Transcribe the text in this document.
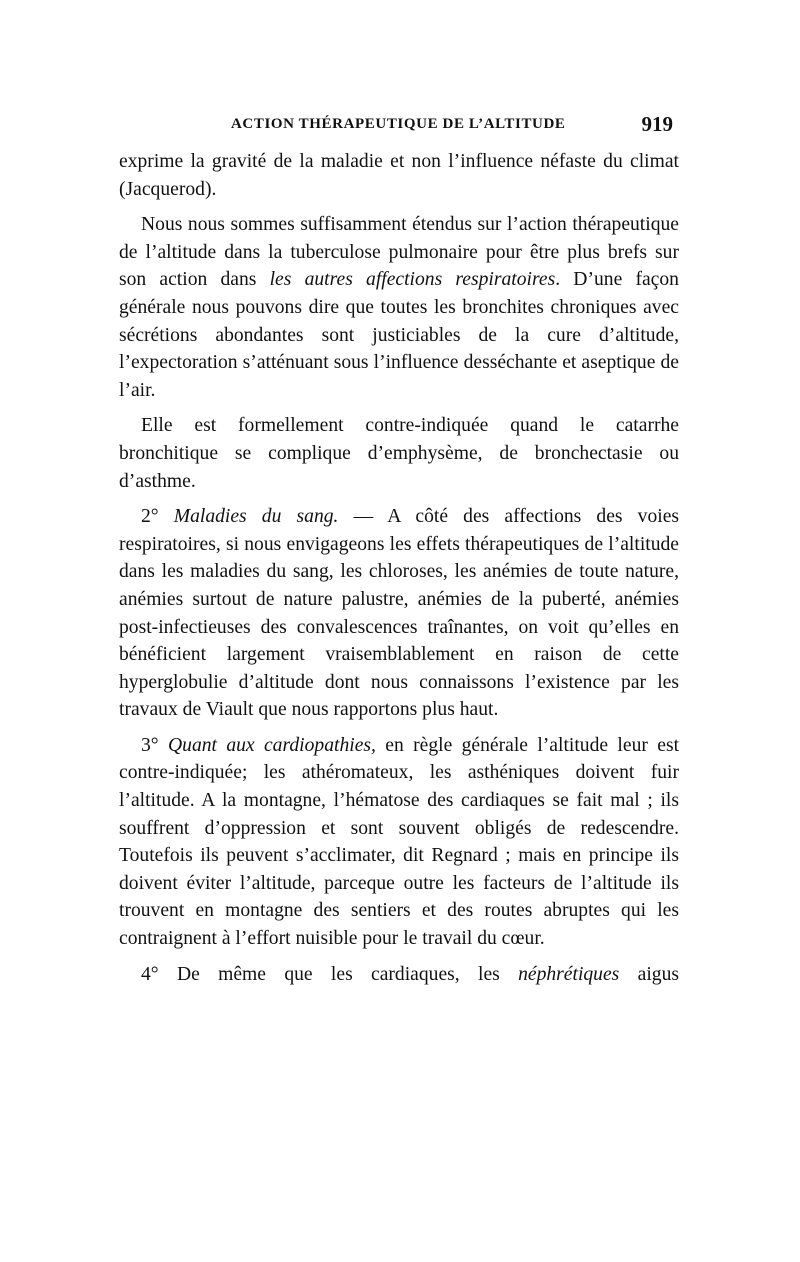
ACTION THÉRAPEUTIQUE DE L’ALTITUDE	919

exprime la gravité de la maladie et non l’influence néfaste du climat (Jacquerod).

Nous nous sommes suffisamment étendus sur l’action thérapeutique de l’altitude dans la tuberculose pulmonaire pour être plus brefs sur son action dans les autres affections respiratoires. D’une façon générale nous pouvons dire que toutes les bronchites chroniques avec sécrétions abondantes sont justiciables de la cure d’altitude, l’expectoration s’atténuant sous l’influence desséchante et aseptique de l’air.

Elle est formellement contre-indiquée quand le catarrhe bronchitique se complique d’emphysème, de bronchectasie ou d’asthme.

2° Maladies du sang. — A côté des affections des voies respiratoires, si nous envigageons les effets thérapeutiques de l’altitude dans les maladies du sang, les chloroses, les anémies de toute nature, anémies surtout de nature palustre, anémies de la puberté, anémies post-infectieuses des convalescences traînantes, on voit qu’elles en bénéficient largement vraisemblablement en raison de cette hyperglobulie d’altitude dont nous connaissons l’existence par les travaux de Viault que nous rapportons plus haut.

3° Quant aux cardiopathies, en règle générale l’altitude leur est contre-indiquée; les athéromateux, les asthéniques doivent fuir l’altitude. A la montagne, l’hématose des cardiaques se fait mal ; ils souffrent d’oppression et sont souvent obligés de redescendre. Toutefois ils peuvent s’acclimater, dit Regnard ; mais en principe ils doivent éviter l’altitude, parceque outre les facteurs de l’altitude ils trouvent en montagne des sentiers et des routes abruptes qui les contraignent à l’effort nuisible pour le travail du cœur.

4° De même que les cardiaques, les néphrétiques aigus
